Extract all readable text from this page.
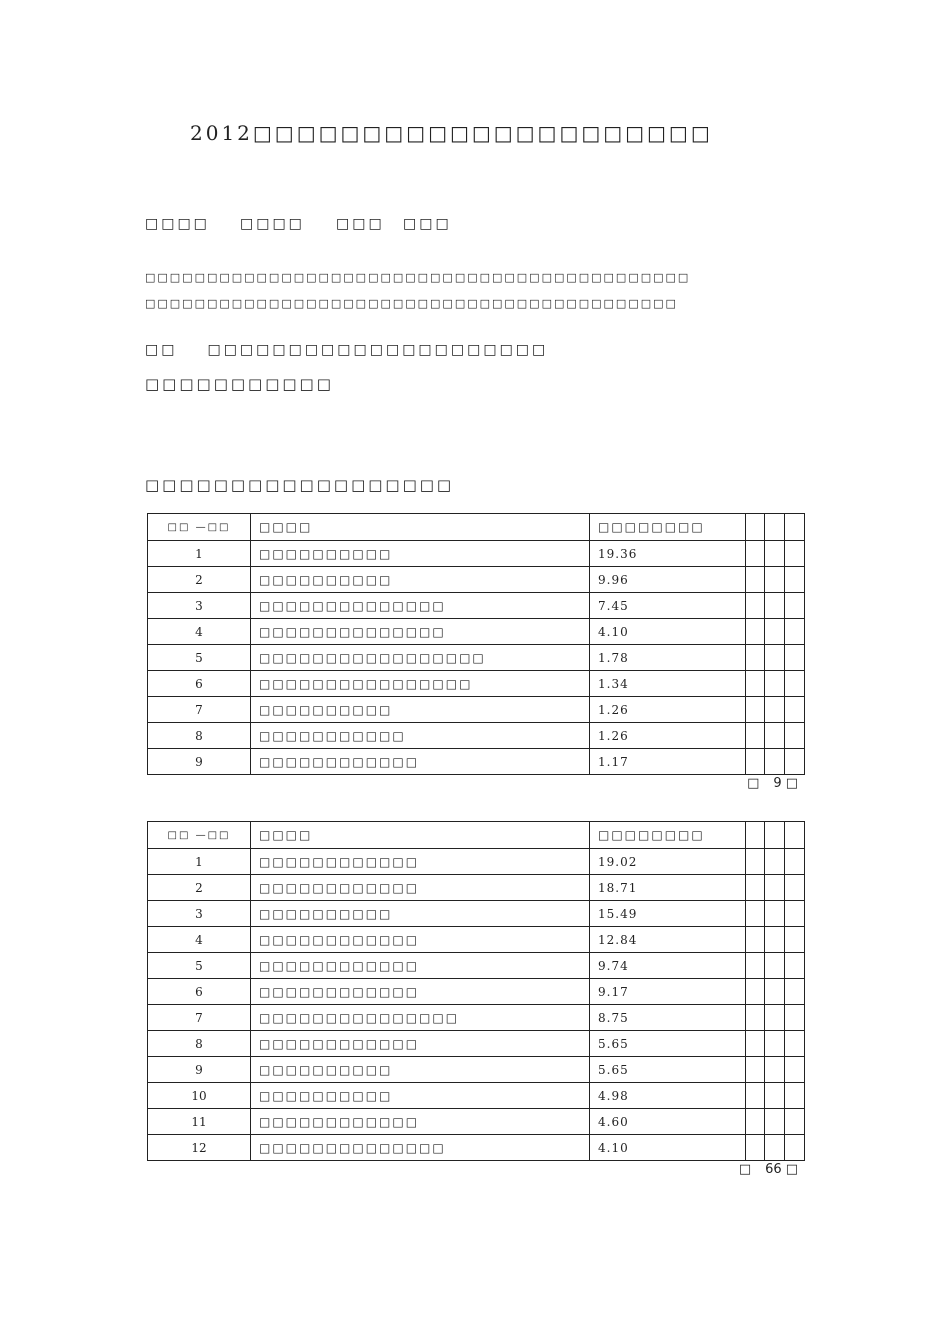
2012□□□□□□□□□□□□□□□□□□□□□
□□□□ □□□□ □□□ □□□
□□□□□□□□□□□□□□□□□□□□□□□□□□□□□□□□□□□□□□□□□□□□
□□□□□□□□□□□□□□□□□□□□□□□□□□□□□□□□□□□□□□□□□□□
□□ □□□□□□□□□□□□□□□□□□□□□
□□□□□□□□□□□
□□□□□□□□□□□□□□□□□□
□□ —□□	□□□□	□□□□□□□□			
1	□□□□□□□□□□	19.36			
2	□□□□□□□□□□	9.96			
3	□□□□□□□□□□□□□□	7.45			
4	□□□□□□□□□□□□□□	4.10			
5	□□□□□□□□□□□□□□□□□	1.78			
6	□□□□□□□□□□□□□□□□	1.34			
7	□□□□□□□□□□	1.26			
8	□□□□□□□□□□□	1.26			
9	□□□□□□□□□□□□	1.17			
□ 9 □
□□ —□□	□□□□	□□□□□□□□			
1	□□□□□□□□□□□□	19.02			
2	□□□□□□□□□□□□	18.71			
3	□□□□□□□□□□	15.49			
4	□□□□□□□□□□□□	12.84			
5	□□□□□□□□□□□□	9.74			
6	□□□□□□□□□□□□	9.17			
7	□□□□□□□□□□□□□□□	8.75			
8	□□□□□□□□□□□□	5.65			
9	□□□□□□□□□□	5.65			
10	□□□□□□□□□□	4.98			
11	□□□□□□□□□□□□	4.60			
12	□□□□□□□□□□□□□□	4.10			
□ 66 □
